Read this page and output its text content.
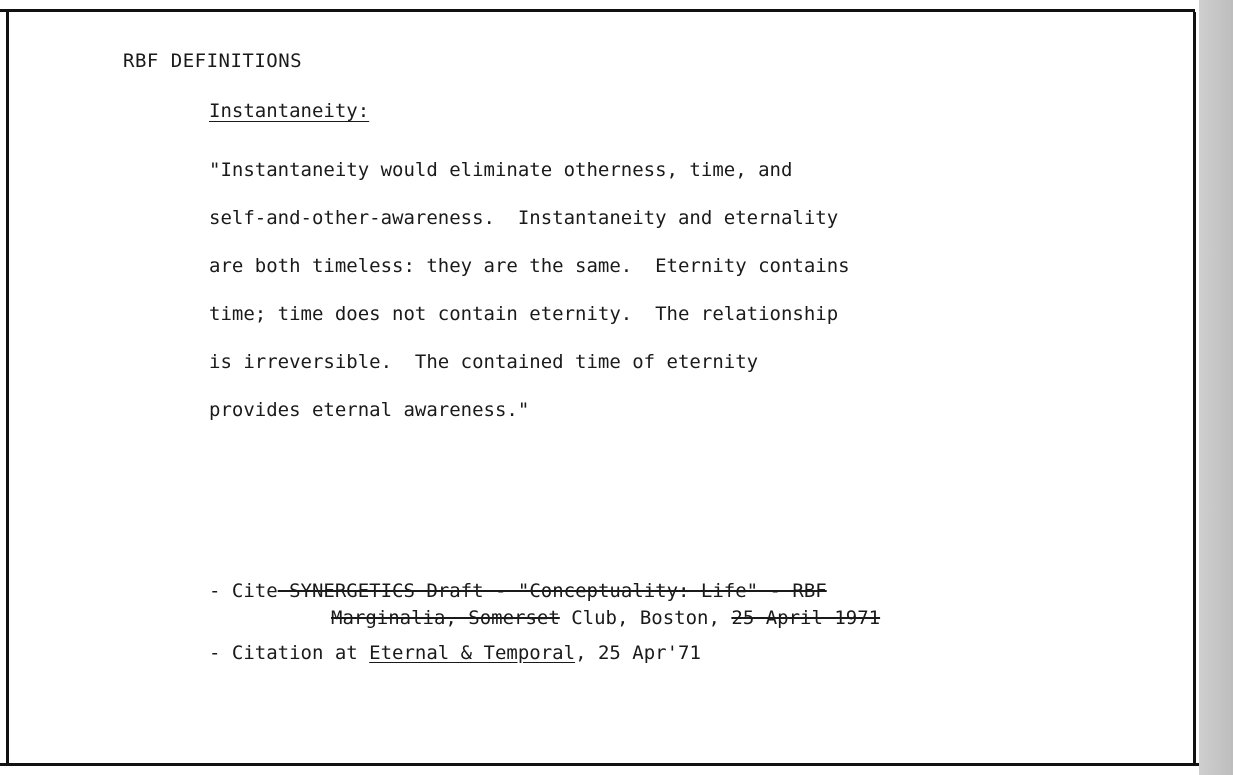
RBF DEFINITIONS
Instantaneity:
"Instantaneity would eliminate otherness, time, and
self-and-other-awareness.  Instantaneity and eternality
are both timeless: they are the same.  Eternity contains
time; time does not contain eternity.  The relationship
is irreversible.  The contained time of eternity
provides eternal awareness."
- Cite SYNERGETICS Draft - "Conceptuality: Life" - RBF
Marginalia, Somerset Club, Boston, 25 April 1971
- Citation at Eternal & Temporal, 25 Apr'71
